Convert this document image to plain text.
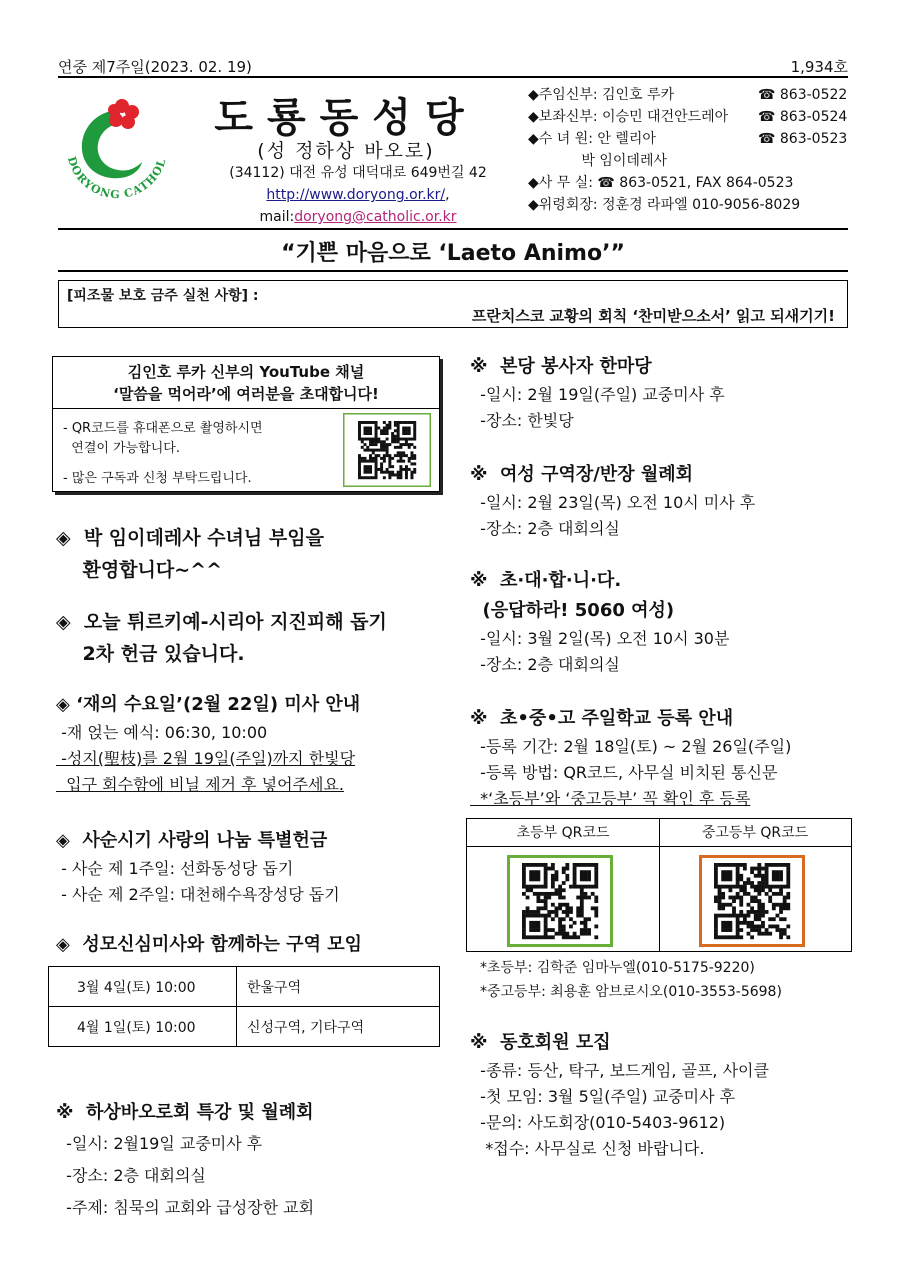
연중 제7주일(2023. 02. 19)	1,934호
DORYONG CATHOL
도룡동성당
(성 정하상 바오로)
(34112) 대전 유성 대덕대로 649번길 42
http://www.doryong.or.kr/,
mail:doryong@catholic.or.kr
◆주임신부: 김인호 루카	☎ 863-0522
◆보좌신부: 이승민 대건안드레아 ☎ 863-0524
◆수 녀 원: 안 렐리아	☎ 863-0523
박 임이데레사
◆사 무 실: ☎ 863-0521, FAX 864-0523
◆위령회장: 정훈경 라파엘 010-9056-8029
“기쁜 마음으로 ‘Laeto Animo’”
[피조물 보호 금주 실천 사항] :
프란치스코 교황의 회칙 ‘찬미받으소서’ 읽고 되새기기!
김인호 루카 신부의 YouTube 채널
‘말씀을 먹어라’에 여러분을 초대합니다!
- QR코드를 휴대폰으로 촬영하시면
연결이 가능합니다.
- 많은 구독과 신청 부탁드립니다.
◈  박 임이데레사 수녀님 부임을
환영합니다~^^
◈  오늘 튀르키예-시리아 지진피해 돕기
2차 헌금 있습니다.
◈ ‘재의 수요일’(2월 22일) 미사 안내
-재 얹는 예식: 06:30, 10:00
-성지(聖枝)를 2월 19일(주일)까지 한빛당
입구 회수함에 비닐 제거 후 넣어주세요.
◈  사순시기 사랑의 나눔 특별헌금
- 사순 제 1주일: 선화동성당 돕기
- 사순 제 2주일: 대천해수욕장성당 돕기
◈  성모신심미사와 함께하는 구역 모임
3월 4일(토) 10:00	한울구역
4월 1일(토) 10:00	신성구역, 기타구역
※  하상바오로회 특강 및 월례회
-일시: 2월19일 교중미사 후
-장소: 2층 대회의실
-주제: 침묵의 교회와 급성장한 교회
※  본당 봉사자 한마당
-일시: 2월 19일(주일) 교중미사 후
-장소: 한빛당
※  여성 구역장/반장 월례회
-일시: 2월 23일(목) 오전 10시 미사 후
-장소: 2층 대회의실
※  초·대·합·니·다.
(응답하라! 5060 여성)
-일시: 3월 2일(목) 오전 10시 30분
-장소: 2층 대회의실
※  초•중•고 주일학교 등록 안내
-등록 기간: 2월 18일(토) ~ 2월 26일(주일)
-등록 방법: QR코드, 사무실 비치된 통신문
*‘초등부’와 ‘중고등부’ 꼭 확인 후 등록
초등부 QR코드	중고등부 QR코드
*초등부: 김학준 임마누엘(010-5175-9220)
*중고등부: 최용훈 암브로시오(010-3553-5698)
※  동호회원 모집
-종류: 등산, 탁구, 보드게임, 골프, 사이클
-첫 모임: 3월 5일(주일) 교중미사 후
-문의: 사도회장(010-5403-9612)
*접수: 사무실로 신청 바랍니다.
